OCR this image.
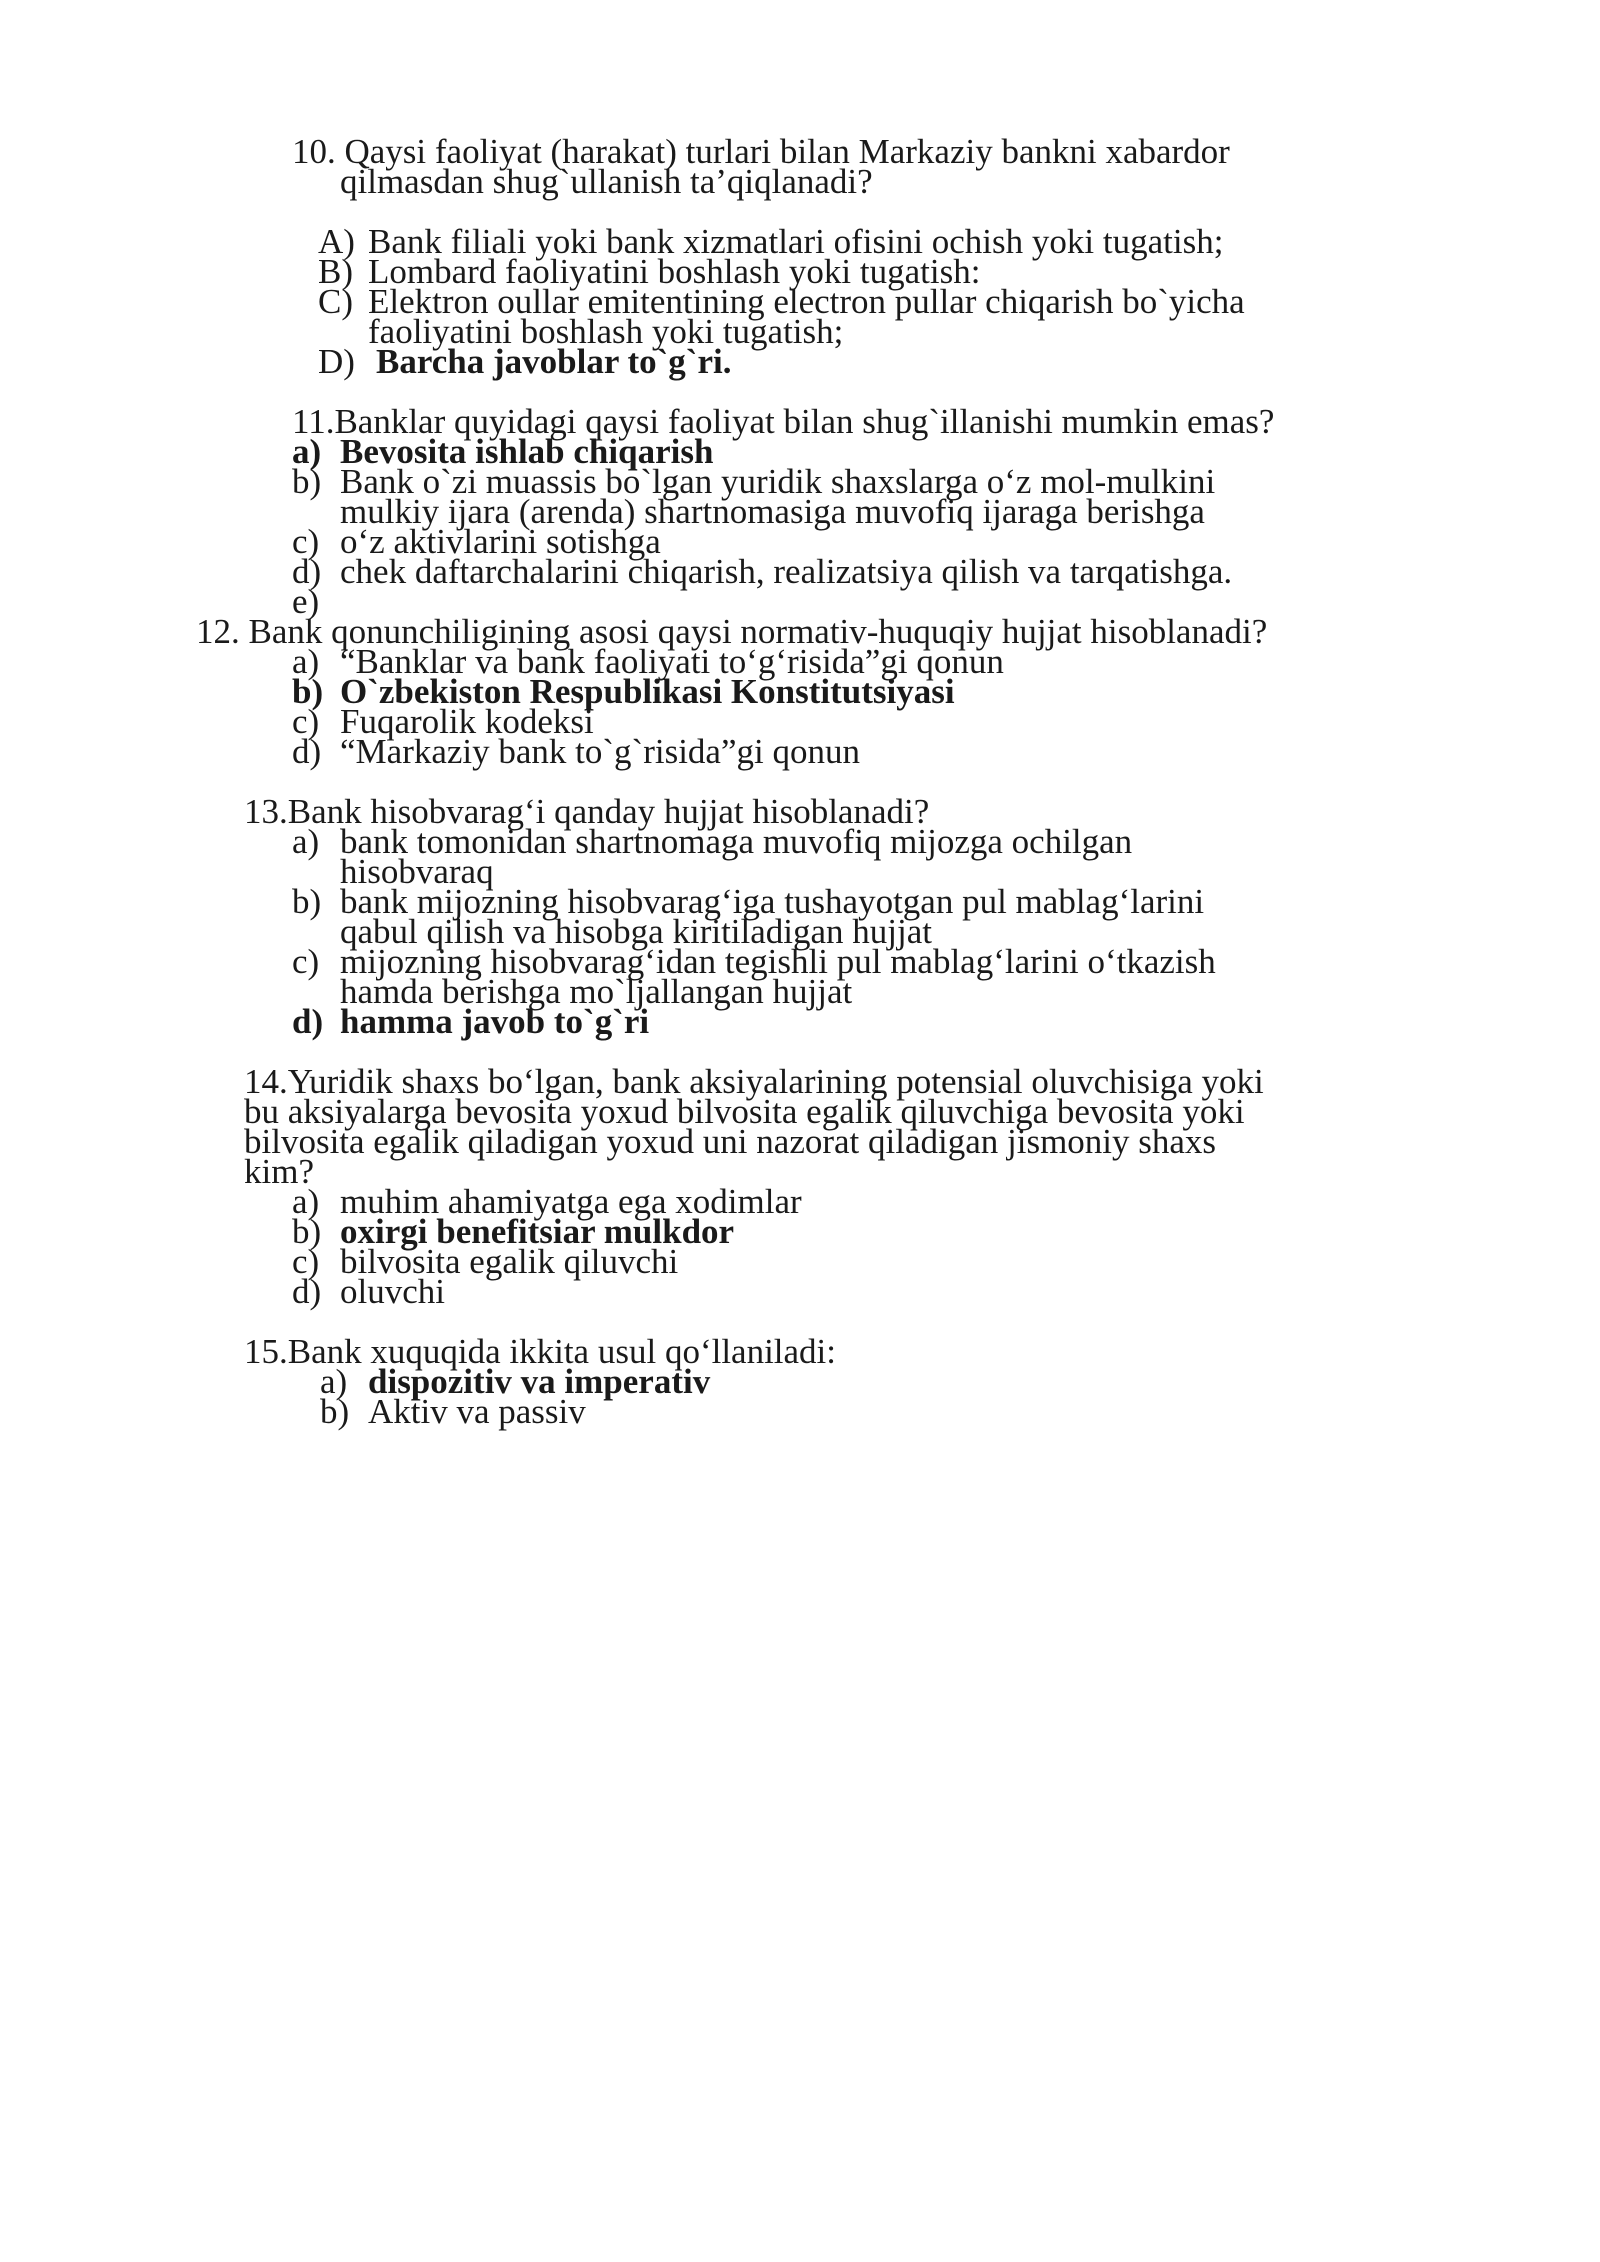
10. Qaysi faoliyat (harakat) turlari bilan Markaziy bankni xabardor
qilmasdan shug`ullanish ta’qiqlanadi?
A) Bank filiali yoki bank xizmatlari ofisini ochish yoki tugatish;
B) Lombard faoliyatini boshlash yoki tugatish:
C) Elektron oullar emitentining electron pullar chiqarish bo`yicha
faoliyatini boshlash yoki tugatish;
D) Barcha javoblar to`g`ri.
11.Banklar quyidagi qaysi faoliyat bilan shug`illanishi mumkin emas?
a) Bevosita ishlab chiqarish
b) Bank o`zi muassis bo`lgan yuridik shaxslarga o‘z mol-mulkini
mulkiy ijara (arenda) shartnomasiga muvofiq ijaraga berishga
c) o‘z aktivlarini sotishga
d) chek daftarchalarini chiqarish, realizatsiya qilish va tarqatishga.
e)
12. Bank qonunchiligining asosi qaysi normativ-huquqiy hujjat hisoblanadi?
a) “Banklar va bank faoliyati to‘g‘risida”gi qonun
b) O`zbekiston Respublikasi Konstitutsiyasi
c) Fuqarolik kodeksi
d) “Markaziy bank to`g`risida”gi qonun
13.Bank hisobvarag‘i qanday hujjat hisoblanadi?
a) bank tomonidan shartnomaga muvofiq mijozga ochilgan
hisobvaraq
b) bank mijozning hisobvarag‘iga tushayotgan pul mablag‘larini
qabul qilish va hisobga kiritiladigan hujjat
c) mijozning hisobvarag‘idan tegishli pul mablag‘larini o‘tkazish
hamda berishga mo`ljallangan hujjat
d) hamma javob to`g`ri
14.Yuridik shaxs bo‘lgan, bank aksiyalarining potensial oluvchisiga yoki
bu aksiyalarga bevosita yoxud bilvosita egalik qiluvchiga bevosita yoki
bilvosita egalik qiladigan yoxud uni nazorat qiladigan jismoniy shaxs
kim?
a) muhim ahamiyatga ega xodimlar
b) oxirgi benefitsiar mulkdor
c) bilvosita egalik qiluvchi
d) oluvchi
15.Bank xuquqida ikkita usul qo‘llaniladi:
a) dispozitiv va imperativ
b) Aktiv va passiv
